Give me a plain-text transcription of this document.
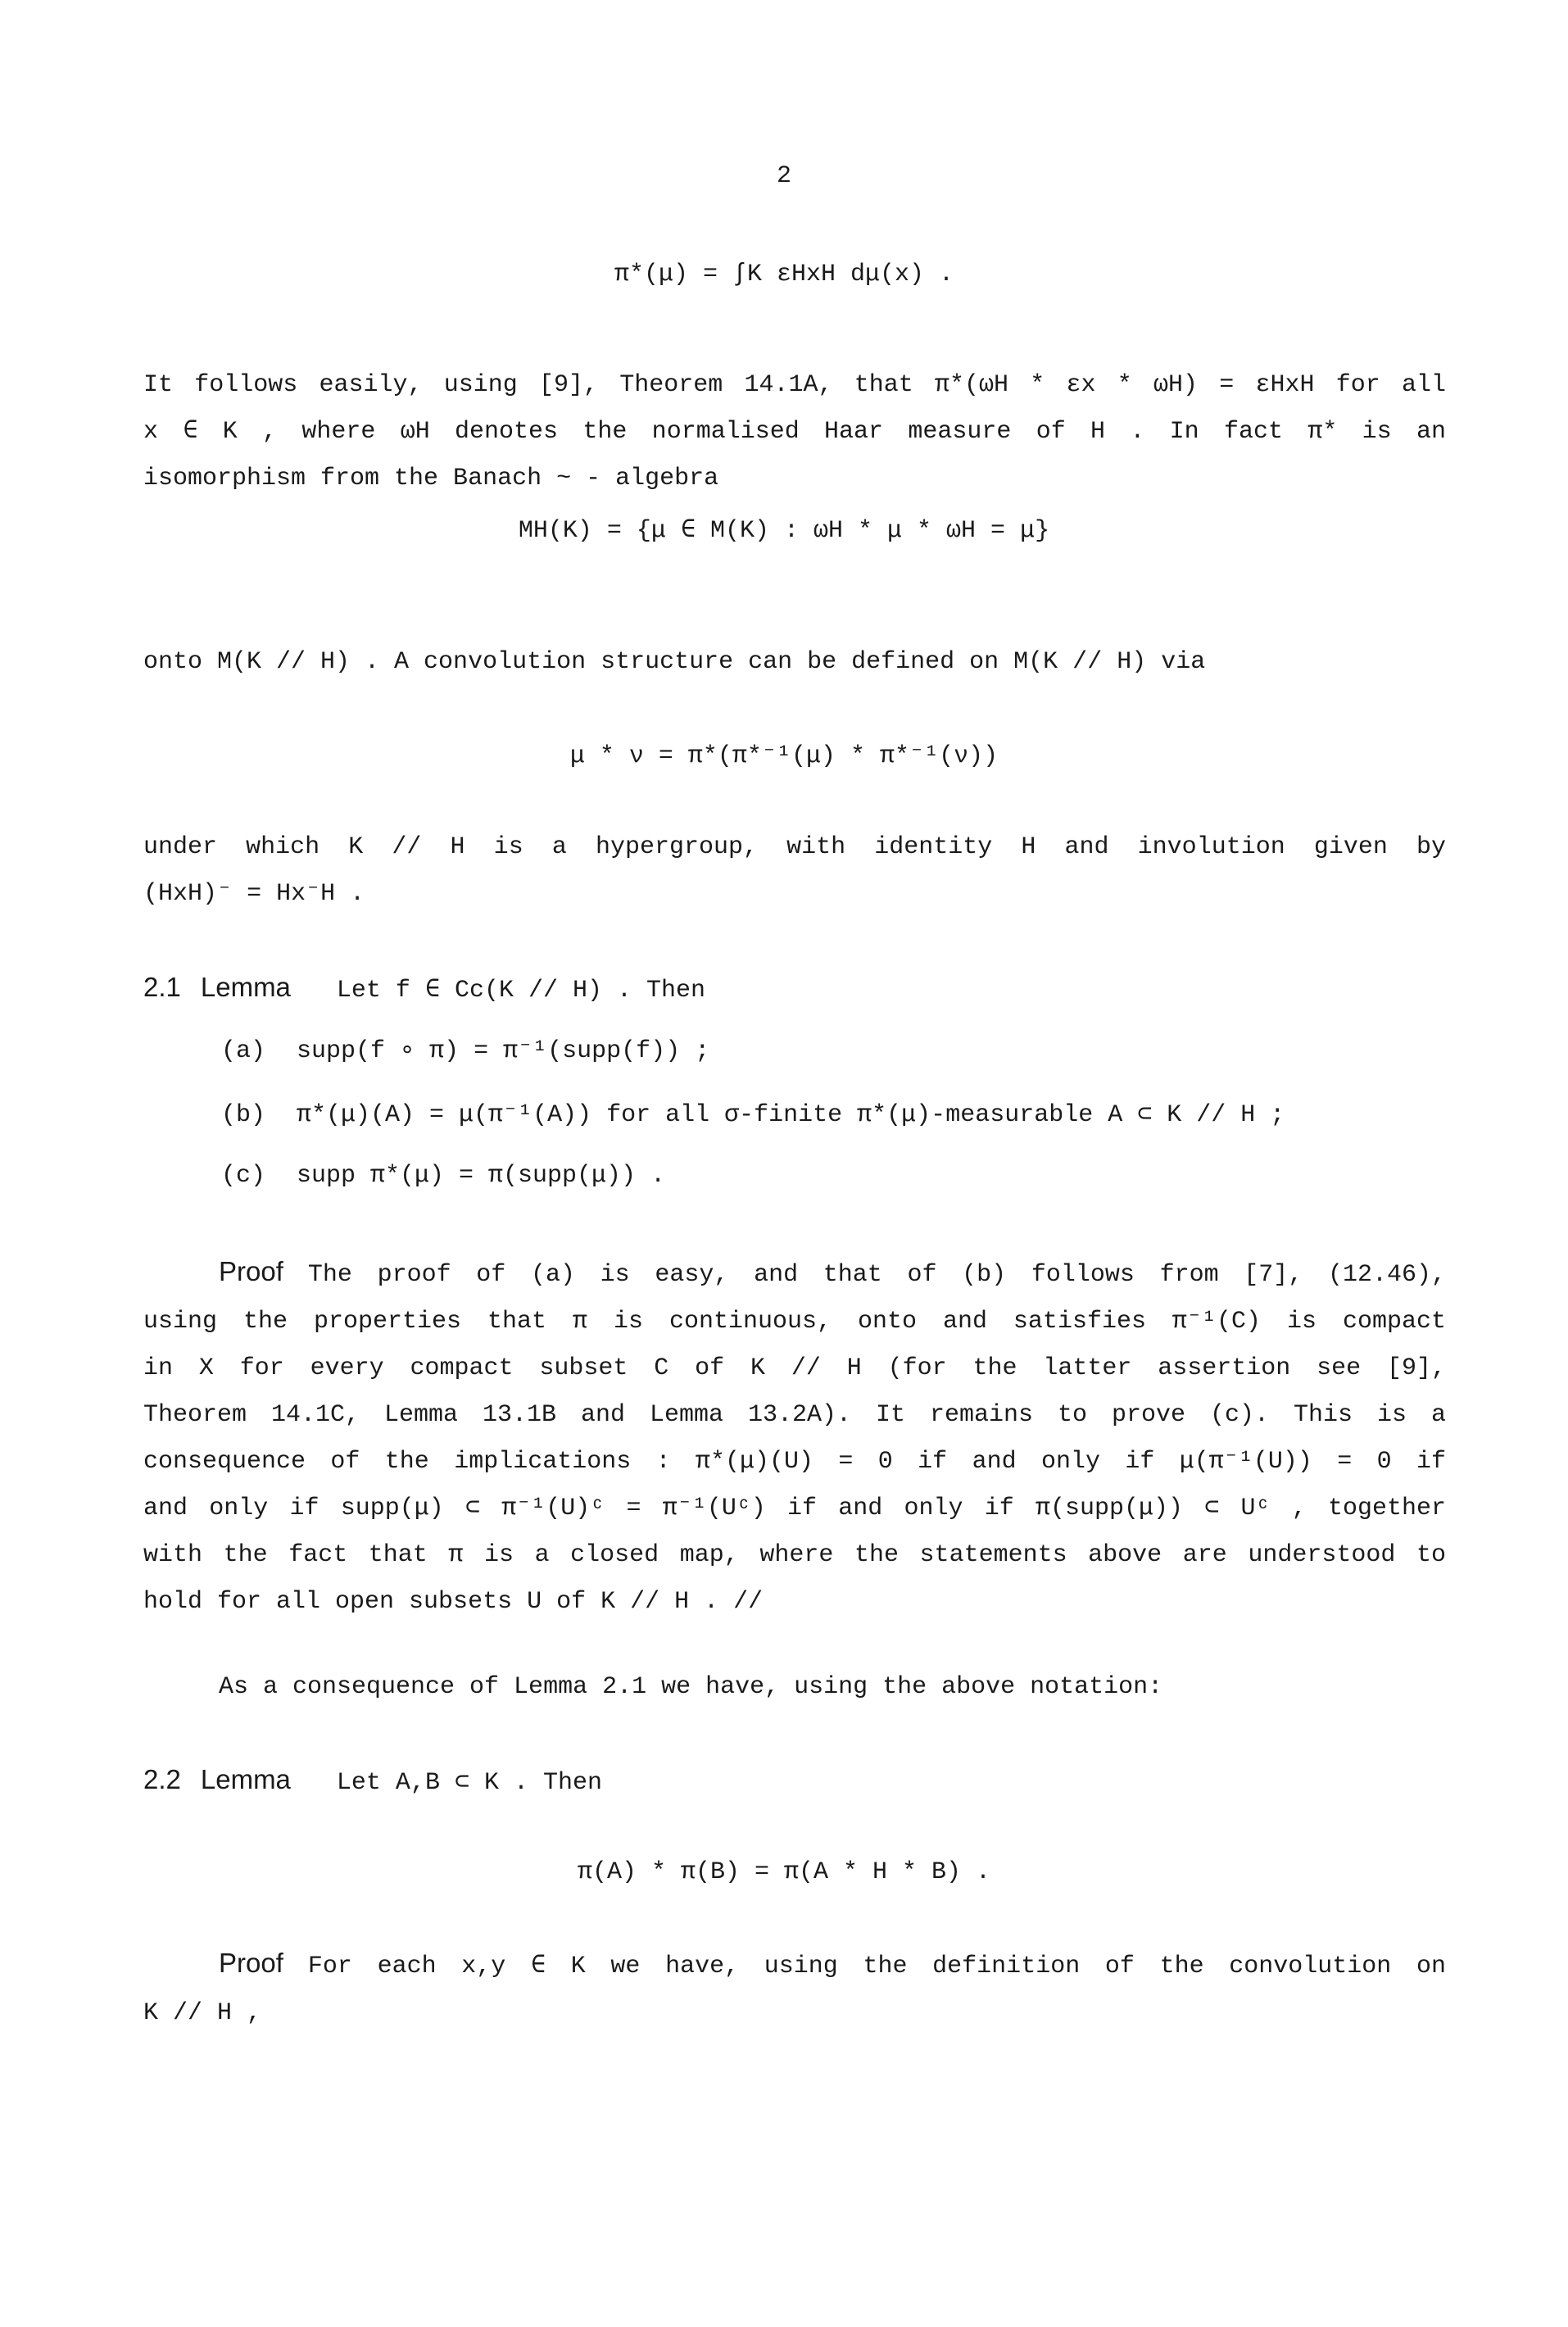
2
π*(μ) = ∫K εHxH dμ(x) .

It follows easily, using [9], Theorem 14.1A, that π*(ωH * εx * ωH) = εHxH for all
x ∈ K , where ωH denotes the normalised Haar measure of H . In fact π* is an
isomorphism from the Banach ~ - algebra

MH(K) = {μ ∈ M(K) : ωH * μ * ωH = μ}

onto M(K // H) . A convolution structure can be defined on M(K // H) via

μ * ν = π*(π*⁻¹(μ) * π*⁻¹(ν))

under which K // H is a hypergroup, with identity H and involution given by
(HxH)⁻ = Hx⁻H .

2.1 Lemma Let f ∈ Cc(K // H) . Then
(a) supp(f ∘ π) = π⁻¹(supp(f)) ;
(b) π*(μ)(A) = μ(π⁻¹(A)) for all σ-finite π*(μ)-measurable A ⊂ K // H ;
(c) supp π*(μ) = π(supp(μ)) .

Proof The proof of (a) is easy, and that of (b) follows from [7], (12.46),
using the properties that π is continuous, onto and satisfies π⁻¹(C) is compact
in X for every compact subset C of K // H (for the latter assertion see [9],
Theorem 14.1C, Lemma 13.1B and Lemma 13.2A). It remains to prove (c). This is a
consequence of the implications : π*(μ)(U) = 0 if and only if μ(π⁻¹(U)) = 0 if
and only if supp(μ) ⊂ π⁻¹(U)ᶜ = π⁻¹(Uᶜ) if and only if π(supp(μ)) ⊂ Uᶜ , together
with the fact that π is a closed map, where the statements above are understood to
hold for all open subsets U of K // H . //

As a consequence of Lemma 2.1 we have, using the above notation:

2.2 Lemma Let A,B ⊂ K . Then
π(A) * π(B) = π(A * H * B) .

Proof For each x,y ∈ K we have, using the definition of the convolution on
K // H ,
